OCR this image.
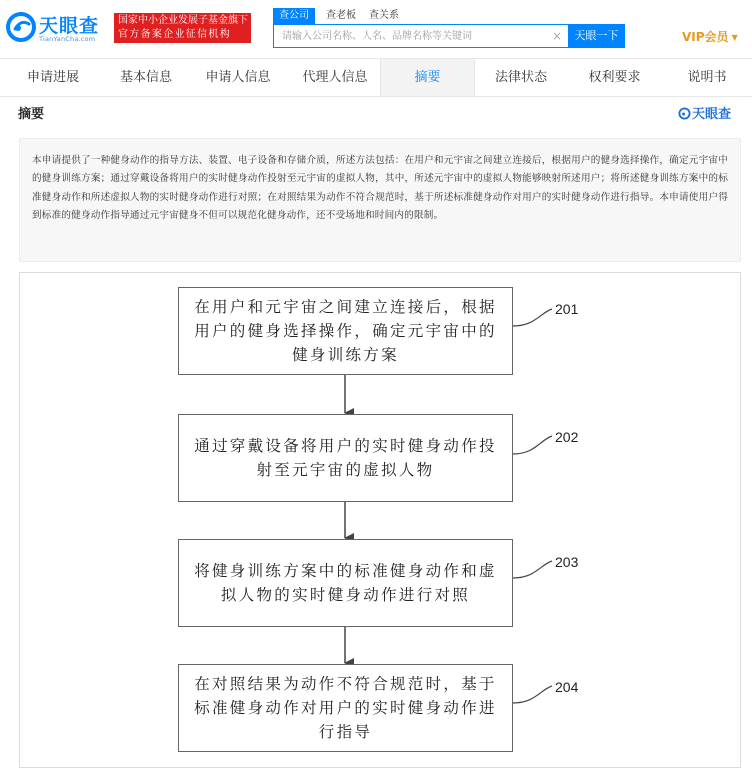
天眼查
TianYanCha.com
国家中小企业发展子基金旗下
官方备案企业征信机构
查公司	查老板	查关系
请输入公司名称、人名、品牌名称等关键词
×	天眼一下	VIP会员 ▼
申请进展	基本信息	申请人信息	代理人信息	摘要	法律状态	权利要求	说明书
摘要	天眼查

本申请提供了一种健身动作的指导方法、装置、电子设备和存储介质，所述方法包括：在用户和元宇宙之间建立连接后，根据用户的健身选择操作，确定元宇宙中的健身训练方案；通过穿戴设备将用户的实时健身动作投射至元宇宙的虚拟人物，其中，所述元宇宙中的虚拟人物能够映射所述用户；将所述健身训练方案中的标准健身动作和所述虚拟人物的实时健身动作进行对照；在对照结果为动作不符合规范时，基于所述标准健身动作对用户的实时健身动作进行指导。本申请使用户得到标准的健身动作指导通过元宇宙健身不但可以规范化健身动作，还不受场地和时间内的限制。

在用户和元宇宙之间建立连接后，根据用户的健身选择操作，确定元宇宙中的健身训练方案
201
通过穿戴设备将用户的实时健身动作投射至元宇宙的虚拟人物
202
将健身训练方案中的标准健身动作和虚拟人物的实时健身动作进行对照
203
在对照结果为动作不符合规范时，基于标准健身动作对用户的实时健身动作进行指导
204
